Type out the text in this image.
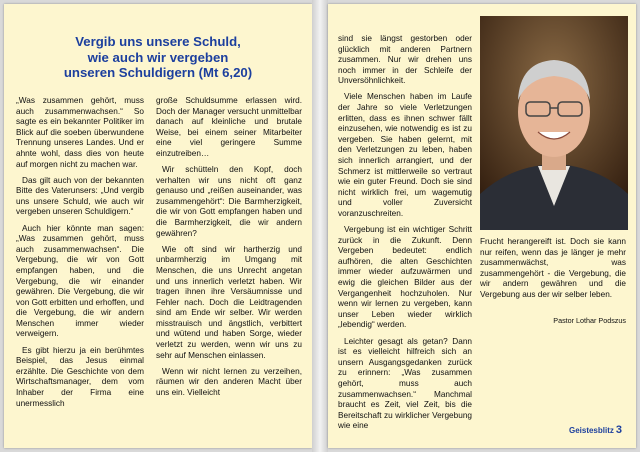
Vergib uns unsere Schuld,
wie auch wir vergeben
unseren Schuldigern (Mt 6,20)

„Was zusammen gehört, muss auch zusammenwachsen.“ So sagte es ein bekannter Politiker im Blick auf die soeben überwundene Trennung unseres Landes. Und er ahnte wohl, dass dies von heute auf morgen nicht zu machen war.

Das gilt auch von der bekannten Bitte des Vaterunsers: „Und vergib uns unsere Schuld, wie auch wir vergeben unseren Schuldigern.“

Auch hier könnte man sagen: „Was zusammen gehört, muss auch zusammenwachsen“. Die Vergebung, die wir von Gott empfangen haben, und die Vergebung, die wir einander gewähren. Die Vergebung, die wir von Gott erbitten und erhoffen, und die Vergebung, die wir andern Menschen immer wieder verweigern.

Es gibt hierzu ja ein berühmtes Beispiel, das Jesus einmal erzählte. Die Geschichte von dem Wirtschaftsmanager, dem vom Inhaber der Firma eine unermesslich

große Schuldsumme erlassen wird. Doch der Manager versucht unmittelbar danach auf kleinliche und brutale Weise, bei einem seiner Mitarbeiter eine viel geringere Summe einzutreiben…

Wir schütteln den Kopf, doch verhalten wir uns nicht oft ganz genauso und „reißen auseinander, was zusammengehört“: Die Barmherzigkeit, die wir von Gott empfangen haben und die Barmherzigkeit, die wir andern gewähren?

Wie oft sind wir hartherzig und unbarmherzig im Umgang mit Menschen, die uns Unrecht angetan und uns innerlich verletzt haben. Wir tragen ihnen ihre Versäumnisse und Fehler nach. Doch die Leidtragenden sind am Ende wir selber. Wir werden misstrauisch und ängstlich, verbittert und wütend und haben Sorge, wieder verletzt zu werden, wenn wir uns zu sehr auf Menschen einlassen.

Wenn wir nicht lernen zu verzeihen, räumen wir den anderen Macht über uns ein. Vielleicht

sind sie längst gestorben oder glücklich mit anderen Partnern zusammen. Nur wir drehen uns noch immer in der Schleife der Unversöhnlichkeit.

Viele Menschen haben im Laufe der Jahre so viele Verletzungen erlitten, dass es ihnen schwer fällt einzusehen, wie notwendig es ist zu vergeben. Sie haben gelernt, mit den Verletzungen zu leben, haben sich innerlich arrangiert, und der Schmerz ist mittlerweile so vertraut wie ein guter Freund. Doch sie sind nicht wirklich frei, um wagemutig und voller Zuversicht voranzuschreiten.

Vergebung ist ein wichtiger Schritt zurück in die Zukunft. Denn Vergeben bedeutet: endlich aufhören, die alten Geschichten immer wieder aufzuwärmen und ewig die gleichen Bilder aus der Vergangenheit hochzuholen. Nur wenn wir lernen zu vergeben, kann unser Leben wieder wirklich „lebendig“ werden.

Leichter gesagt als getan? Dann ist es vielleicht hilfreich sich an unsern Ausgangsgedanken zurück zu erinnern: „Was zusammen gehört, muss auch zusammenwachsen.“ Manchmal braucht es Zeit, viel Zeit, bis die Bereitschaft zu wirklicher Vergebung wie eine

Frucht herangereift ist. Doch sie kann nur reifen, wenn das je länger je mehr zusammenwächst, was zusammengehört - die Vergebung, die wir andern gewähren und die Vergebung aus der wir selber leben.

Pastor Lothar Podszus
Geistesblitz 3
